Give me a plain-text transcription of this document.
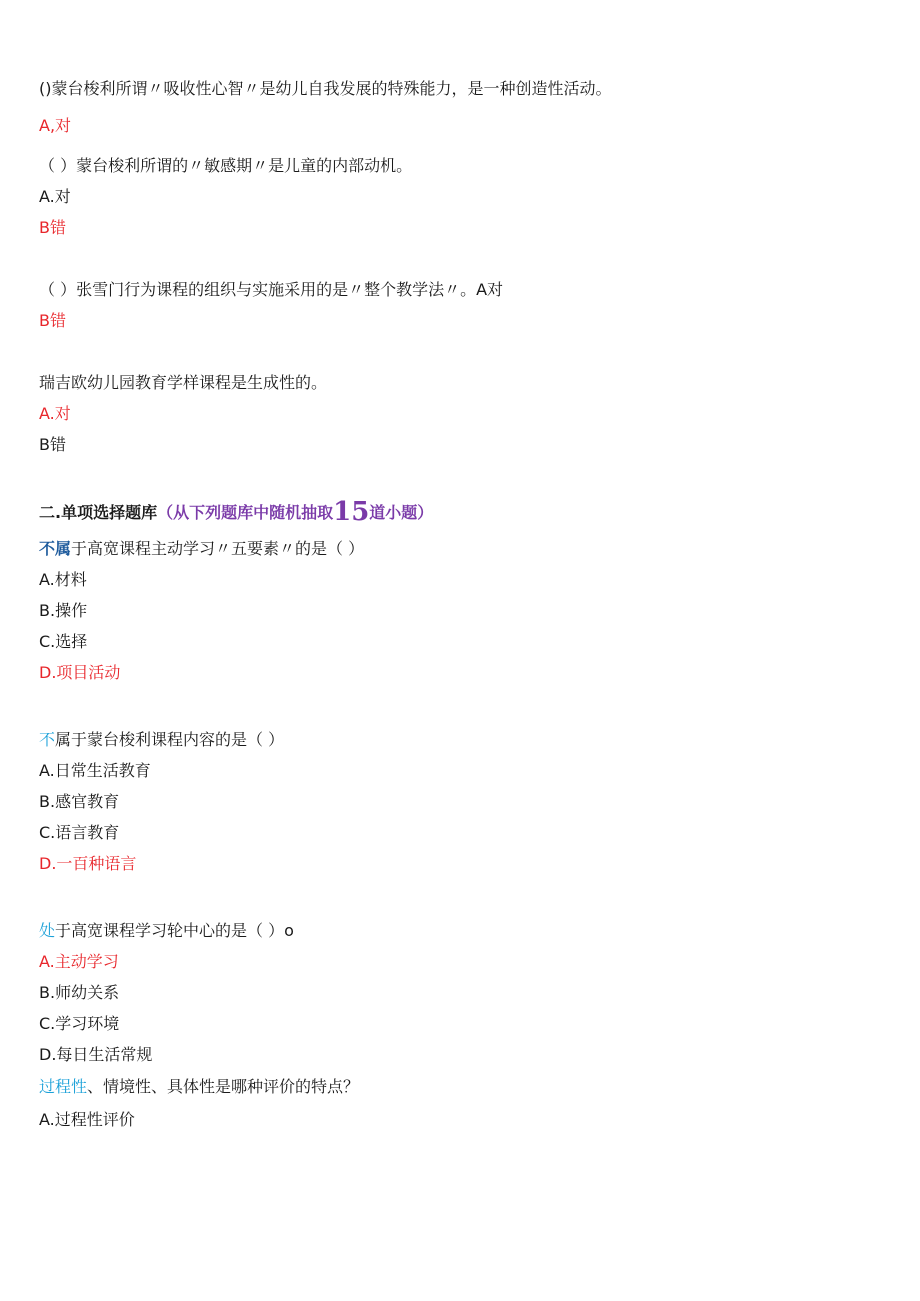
()蒙台梭利所谓〃吸收性心智〃是幼儿自我发展的特殊能力，是一种创造性活动。
A,对
（ ）蒙台梭利所谓的〃敏感期〃是儿童的内部动机。
A.对
B错
（ ）张雪门行为课程的组织与实施采用的是〃整个教学法〃。A对
B错
瑞吉欧幼儿园教育学样课程是生成性的。
A.对
B错
二.单项选择题库（从下列题库中随机抽取15道小题）
不属于高宽课程主动学习〃五要素〃的是（ ）
A.材料
B.操作
C.选择
D.项目活动
不属于蒙台梭利课程内容的是（ ）
A.日常生活教育
B.感官教育
C.语言教育
D.一百种语言
处于高宽课程学习轮中心的是（ ）o
A.主动学习
B.师幼关系
C.学习环境
D.每日生活常规
过程性、情境性、具体性是哪种评价的特点？
A.过程性评价
